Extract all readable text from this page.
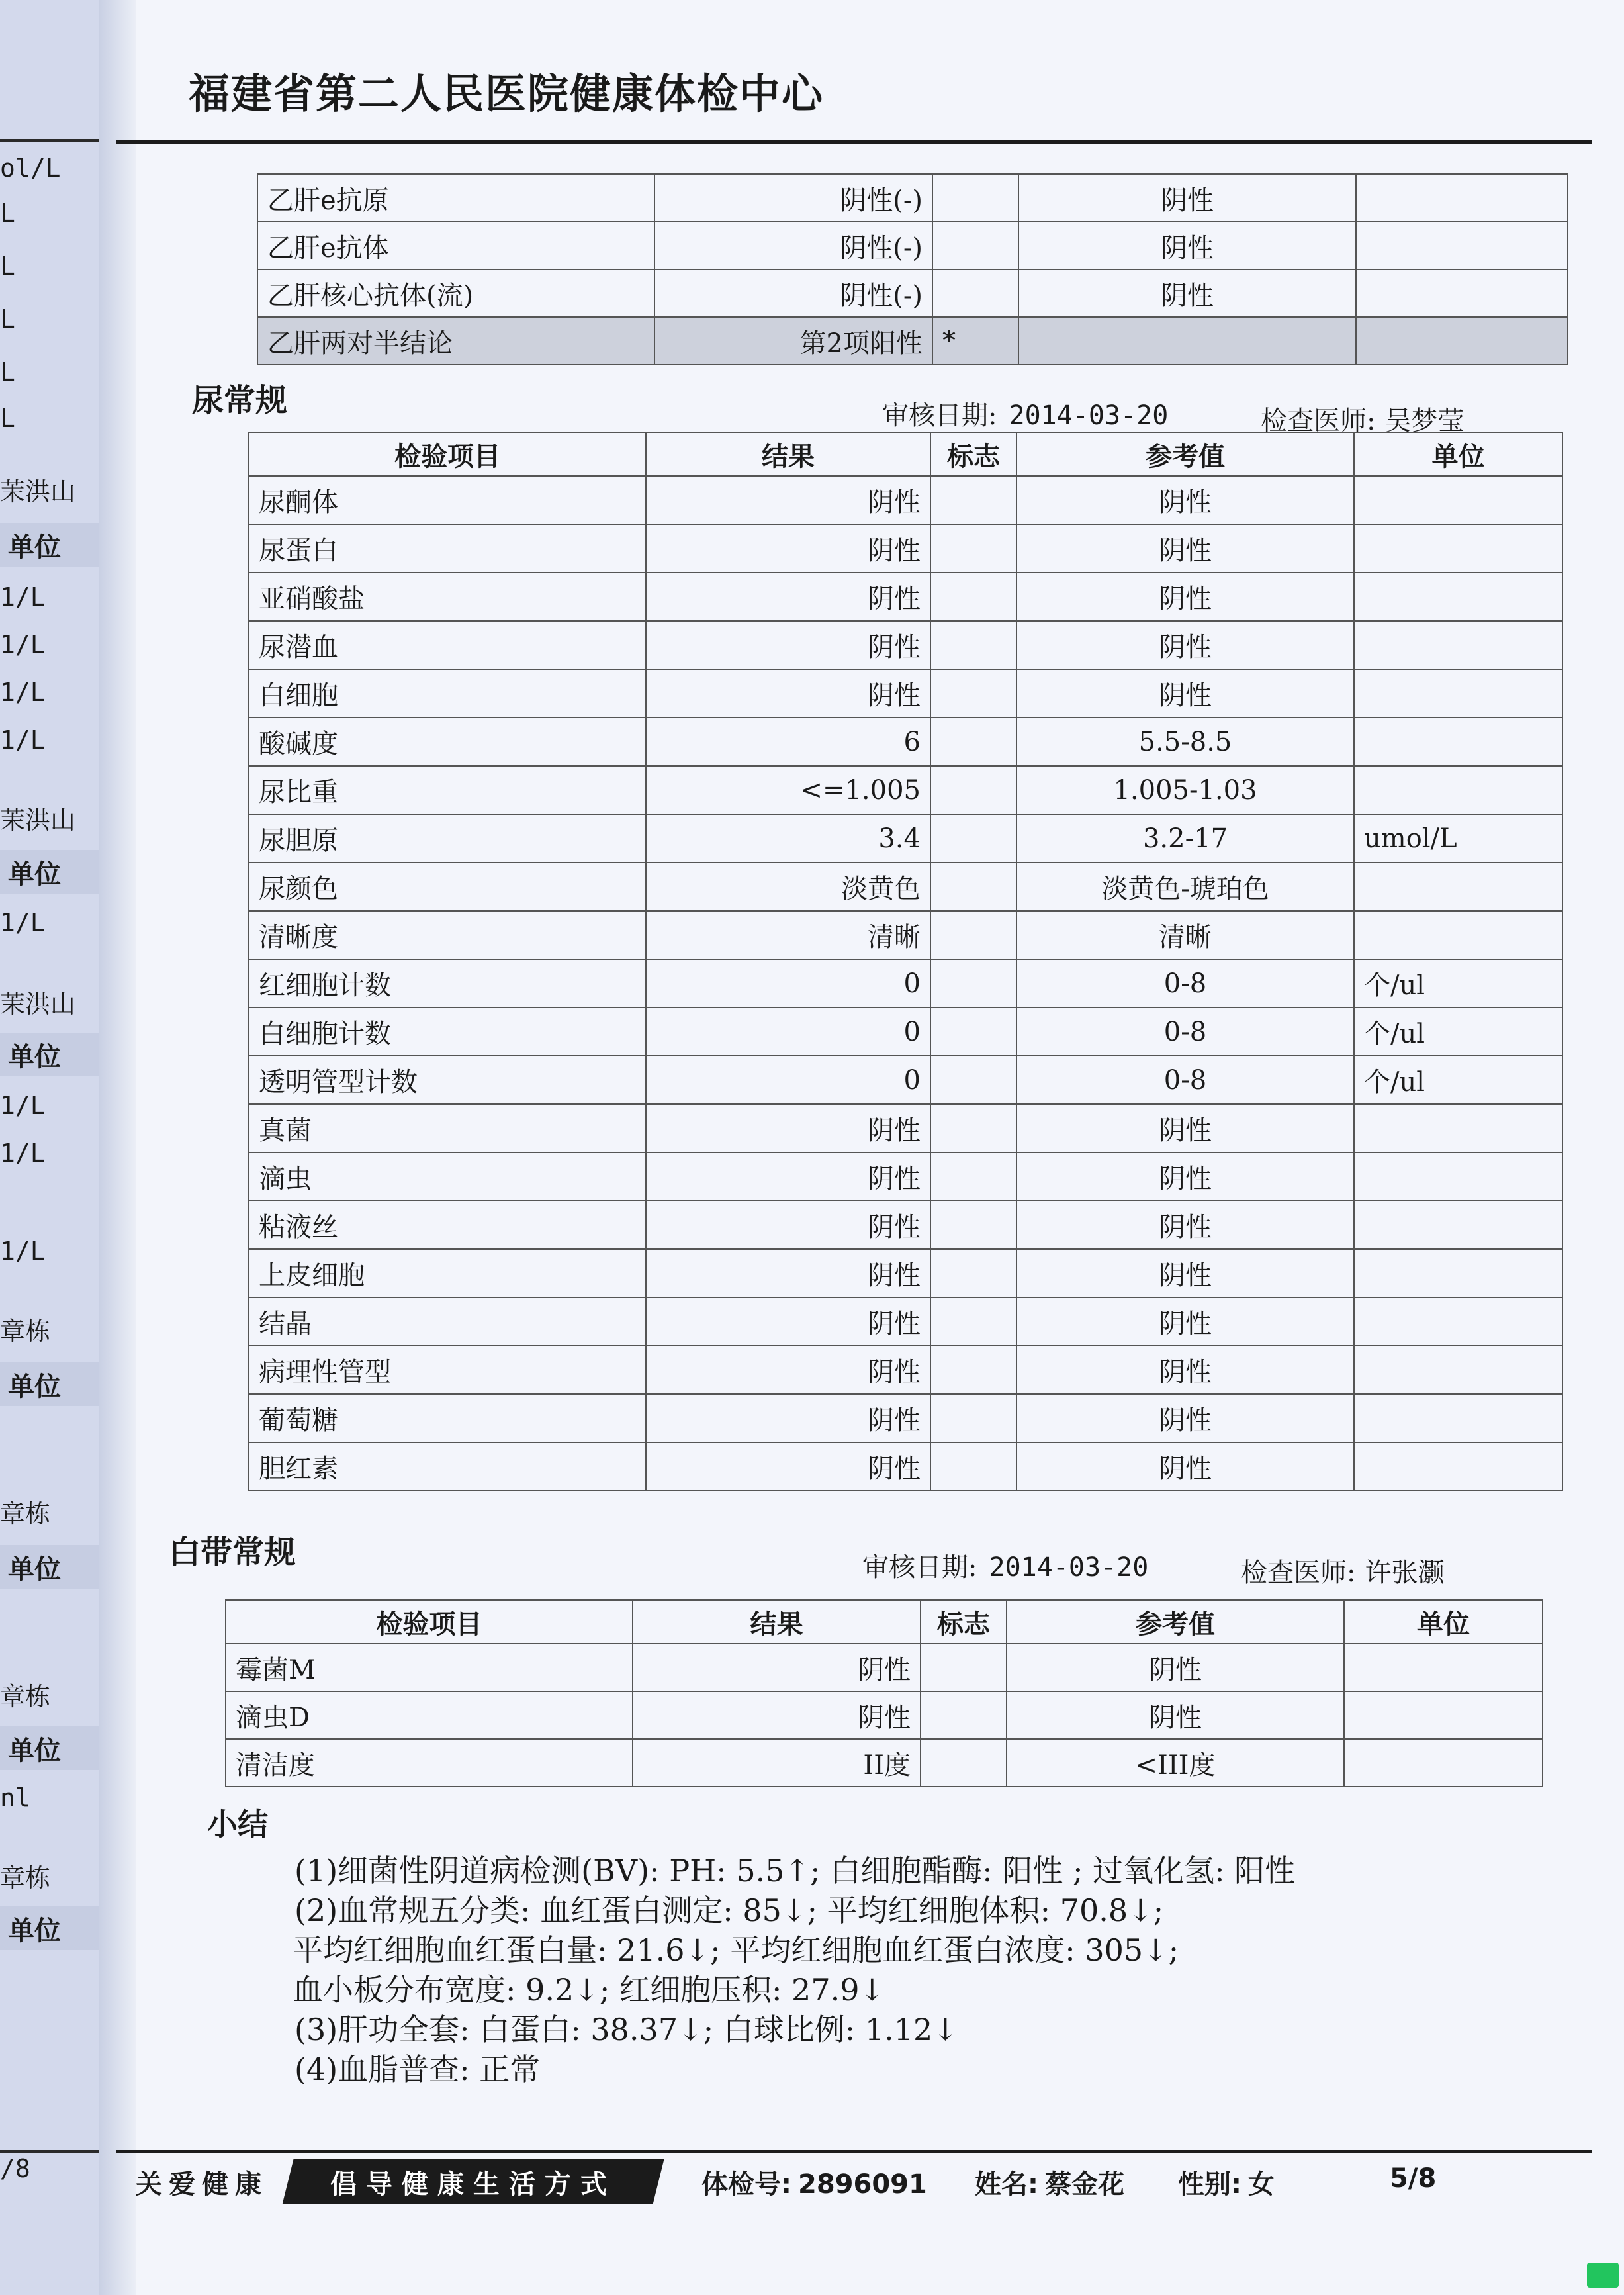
ol/L
L
L
L
L
L
茉洪山
1/L
1/L
1/L
1/L
茉洪山
1/L
茉洪山
1/L
1/L
1/L
章栋
章栋
章栋
nl
章栋
/8
单位
单位
单位
单位
单位
单位
单位
福建省第二人民医院健康体检中心
乙肝e抗原	阴性(-)		阴性	
乙肝e抗体	阴性(-)		阴性	
乙肝核心抗体(流)	阴性(-)		阴性	
乙肝两对半结论	第2项阳性	*		
尿常规	审核日期: 2014-03-20	检查医师: 吴梦莹
检验项目	结果	标志	参考值	单位
尿酮体	阴性		阴性	
尿蛋白	阴性		阴性	
亚硝酸盐	阴性		阴性	
尿潜血	阴性		阴性	
白细胞	阴性		阴性	
酸碱度	6		5.5-8.5	
尿比重	<=1.005		1.005-1.03	
尿胆原	3.4		3.2-17	umol/L
尿颜色	淡黄色		淡黄色-琥珀色	
清晰度	清晰		清晰	
红细胞计数	0		0-8	个/ul
白细胞计数	0		0-8	个/ul
透明管型计数	0		0-8	个/ul
真菌	阴性		阴性	
滴虫	阴性		阴性	
粘液丝	阴性		阴性	
上皮细胞	阴性		阴性	
结晶	阴性		阴性	
病理性管型	阴性		阴性	
葡萄糖	阴性		阴性	
胆红素	阴性		阴性	
白带常规	审核日期: 2014-03-20	检查医师: 许张灏
检验项目	结果	标志	参考值	单位
霉菌M	阴性		阴性	
滴虫D	阴性		阴性	
清洁度	II度		<III度	
小结
(1)细菌性阴道病检测(BV): PH: 5.5↑; 白细胞酯酶: 阳性 ; 过氧化氢: 阳性
(2)血常规五分类: 血红蛋白测定: 85↓; 平均红细胞体积: 70.8↓;
平均红细胞血红蛋白量: 21.6↓; 平均红细胞血红蛋白浓度: 305↓;
血小板分布宽度: 9.2↓; 红细胞压积: 27.9↓
(3)肝功全套: 白蛋白: 38.37↓; 白球比例: 1.12↓
(4)血脂普查: 正常
关爱健康 倡导健康生活方式	体检号: 2896091 姓名: 蔡金花 性别: 女	5/8
